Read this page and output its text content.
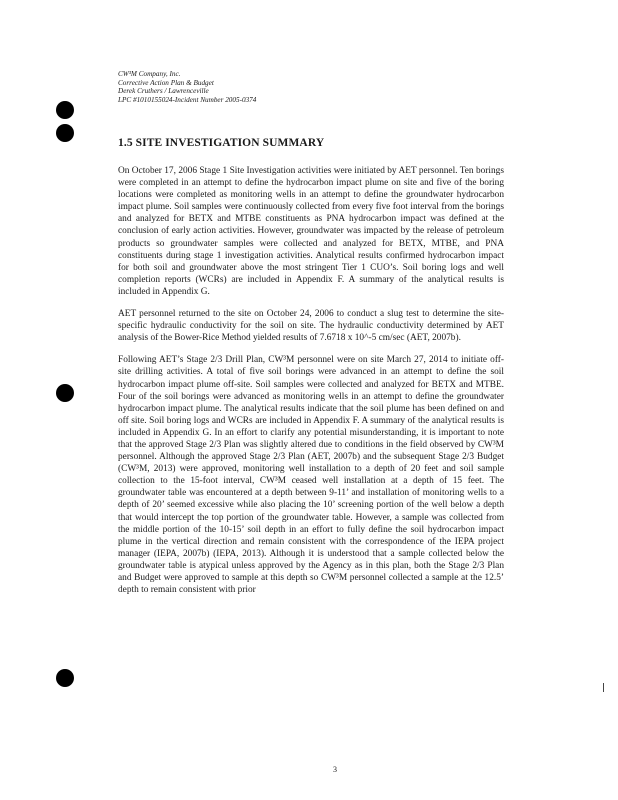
CW³M Company, Inc.
Corrective Action Plan & Budget
Derek Cruthers / Lawrenceville
LPC #1010155024-Incident Number 2005-0374
1.5 SITE INVESTIGATION SUMMARY

On October 17, 2006 Stage 1 Site Investigation activities were initiated by AET personnel. Ten borings were completed in an attempt to define the hydrocarbon impact plume on site and five of the boring locations were completed as monitoring wells in an attempt to define the groundwater hydrocarbon impact plume. Soil samples were continuously collected from every five foot interval from the borings and analyzed for BETX and MTBE constituents as PNA hydrocarbon impact was defined at the conclusion of early action activities. However, groundwater was impacted by the release of petroleum products so groundwater samples were collected and analyzed for BETX, MTBE, and PNA constituents during stage 1 investigation activities. Analytical results confirmed hydrocarbon impact for both soil and groundwater above the most stringent Tier 1 CUO’s. Soil boring logs and well completion reports (WCRs) are included in Appendix F. A summary of the analytical results is included in Appendix G.

AET personnel returned to the site on October 24, 2006 to conduct a slug test to determine the site-specific hydraulic conductivity for the soil on site. The hydraulic conductivity determined by AET analysis of the Bower-Rice Method yielded results of 7.6718 x 10^-5 cm/sec (AET, 2007b).

Following AET’s Stage 2/3 Drill Plan, CW³M personnel were on site March 27, 2014 to initiate off-site drilling activities. A total of five soil borings were advanced in an attempt to define the soil hydrocarbon impact plume off-site. Soil samples were collected and analyzed for BETX and MTBE. Four of the soil borings were advanced as monitoring wells in an attempt to define the groundwater hydrocarbon impact plume. The analytical results indicate that the soil plume has been defined on and off site. Soil boring logs and WCRs are included in Appendix F. A summary of the analytical results is included in Appendix G. In an effort to clarify any potential misunderstanding, it is important to note that the approved Stage 2/3 Plan was slightly altered due to conditions in the field observed by CW³M personnel. Although the approved Stage 2/3 Plan (AET, 2007b) and the subsequent Stage 2/3 Budget (CW³M, 2013) were approved, monitoring well installation to a depth of 20 feet and soil sample collection to the 15-foot interval, CW³M ceased well installation at a depth of 15 feet. The groundwater table was encountered at a depth between 9-11’ and installation of monitoring wells to a depth of 20’ seemed excessive while also placing the 10’ screening portion of the well below a depth that would intercept the top portion of the groundwater table. However, a sample was collected from the middle portion of the 10-15’ soil depth in an effort to fully define the soil hydrocarbon impact plume in the vertical direction and remain consistent with the correspondence of the IEPA project manager (IEPA, 2007b) (IEPA, 2013). Although it is understood that a sample collected below the groundwater table is atypical unless approved by the Agency as in this plan, both the Stage 2/3 Plan and Budget were approved to sample at this depth so CW³M personnel collected a sample at the 12.5’ depth to remain consistent with prior

3
